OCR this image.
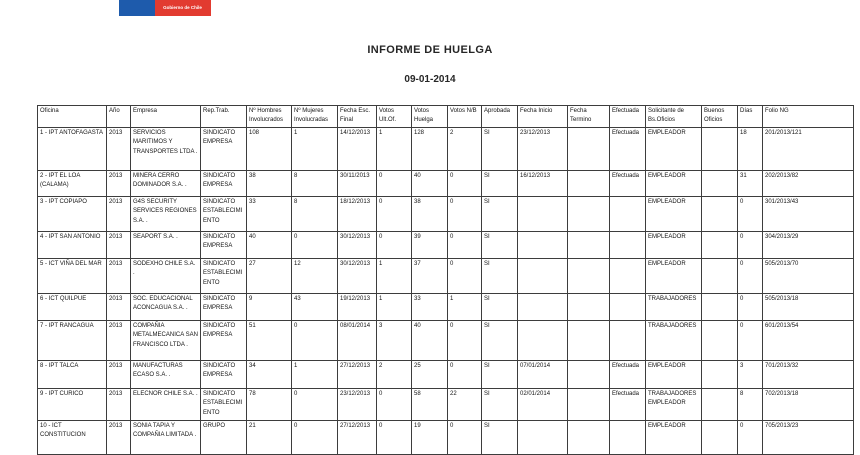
Gobierno de Chile
INFORME DE HUELGA
09-01-2014
Oficina	Año	Empresa	Rep.Trab.	Nº Hombres Involucrados	Nº Mujeres Involucradas	Fecha Esc. Final	Votos Ult.Of.	Votos Huelga	Votos N/B	Aprobada	Fecha Inicio	Fecha Termino	Efectuada	Solicitante de Bs.Oficios	Buenos Oficios	Días	Folio NG
1 - IPT ANTOFAGASTA	2013	SERVICIOS MARITIMOS Y TRANSPORTES LTDA .	SINDICATO EMPRESA	108	1	14/12/2013	1	128	2	SI	23/12/2013		Efectuada	EMPLEADOR		18	201/2013/121
2 - IPT EL LOA (CALAMA)	2013	MINERA CERRO DOMINADOR S.A. .	SINDICATO EMPRESA	38	8	30/11/2013	0	40	0	SI	16/12/2013		Efectuada	EMPLEADOR		31	202/2013/82
3 - IPT COPIAPO	2013	G4S SECURITY SERVICES REGIONES S.A. .	SINDICATO ESTABLECIMIENTO	33	8	18/12/2013	0	38	0	SI				EMPLEADOR		0	301/2013/43
4 - IPT SAN ANTONIO	2013	SEAPORT S.A. .	SINDICATO EMPRESA	40	0	30/12/2013	0	39	0	SI				EMPLEADOR		0	304/2013/29
5 - ICT VIÑA DEL MAR	2013	SODEXHO CHILE S.A. .	SINDICATO ESTABLECIMIENTO	27	12	30/12/2013	1	37	0	SI				EMPLEADOR		0	505/2013/70
6 - ICT QUILPUE	2013	SOC. EDUCACIONAL ACONCAGUA S.A. .	SINDICATO EMPRESA	9	43	19/12/2013	1	33	1	SI				TRABAJADORES		0	505/2013/18
7 - IPT RANCAGUA	2013	COMPAÑIA METALMECANICA SAN FRANCISCO LTDA .	SINDICATO EMPRESA	51	0	08/01/2014	3	40	0	SI				TRABAJADORES		0	601/2013/54
8 - IPT TALCA	2013	MANUFACTURAS ECASO S.A. .	SINDICATO EMPRESA	34	1	27/12/2013	2	25	0	SI	07/01/2014		Efectuada	EMPLEADOR		3	701/2013/32
9 - IPT CURICO	2013	ELECNOR CHILE S.A. .	SINDICATO ESTABLECIMIENTO	78	0	23/12/2013	0	58	22	SI	02/01/2014		Efectuada	TRABAJADORES EMPLEADOR		8	702/2013/18
10 - ICT CONSTITUCION	2013	SONIA TAPIA Y COMPAÑIA LIMITADA .	GRUPO	21	0	27/12/2013	0	19	0	SI				EMPLEADOR		0	705/2013/23
